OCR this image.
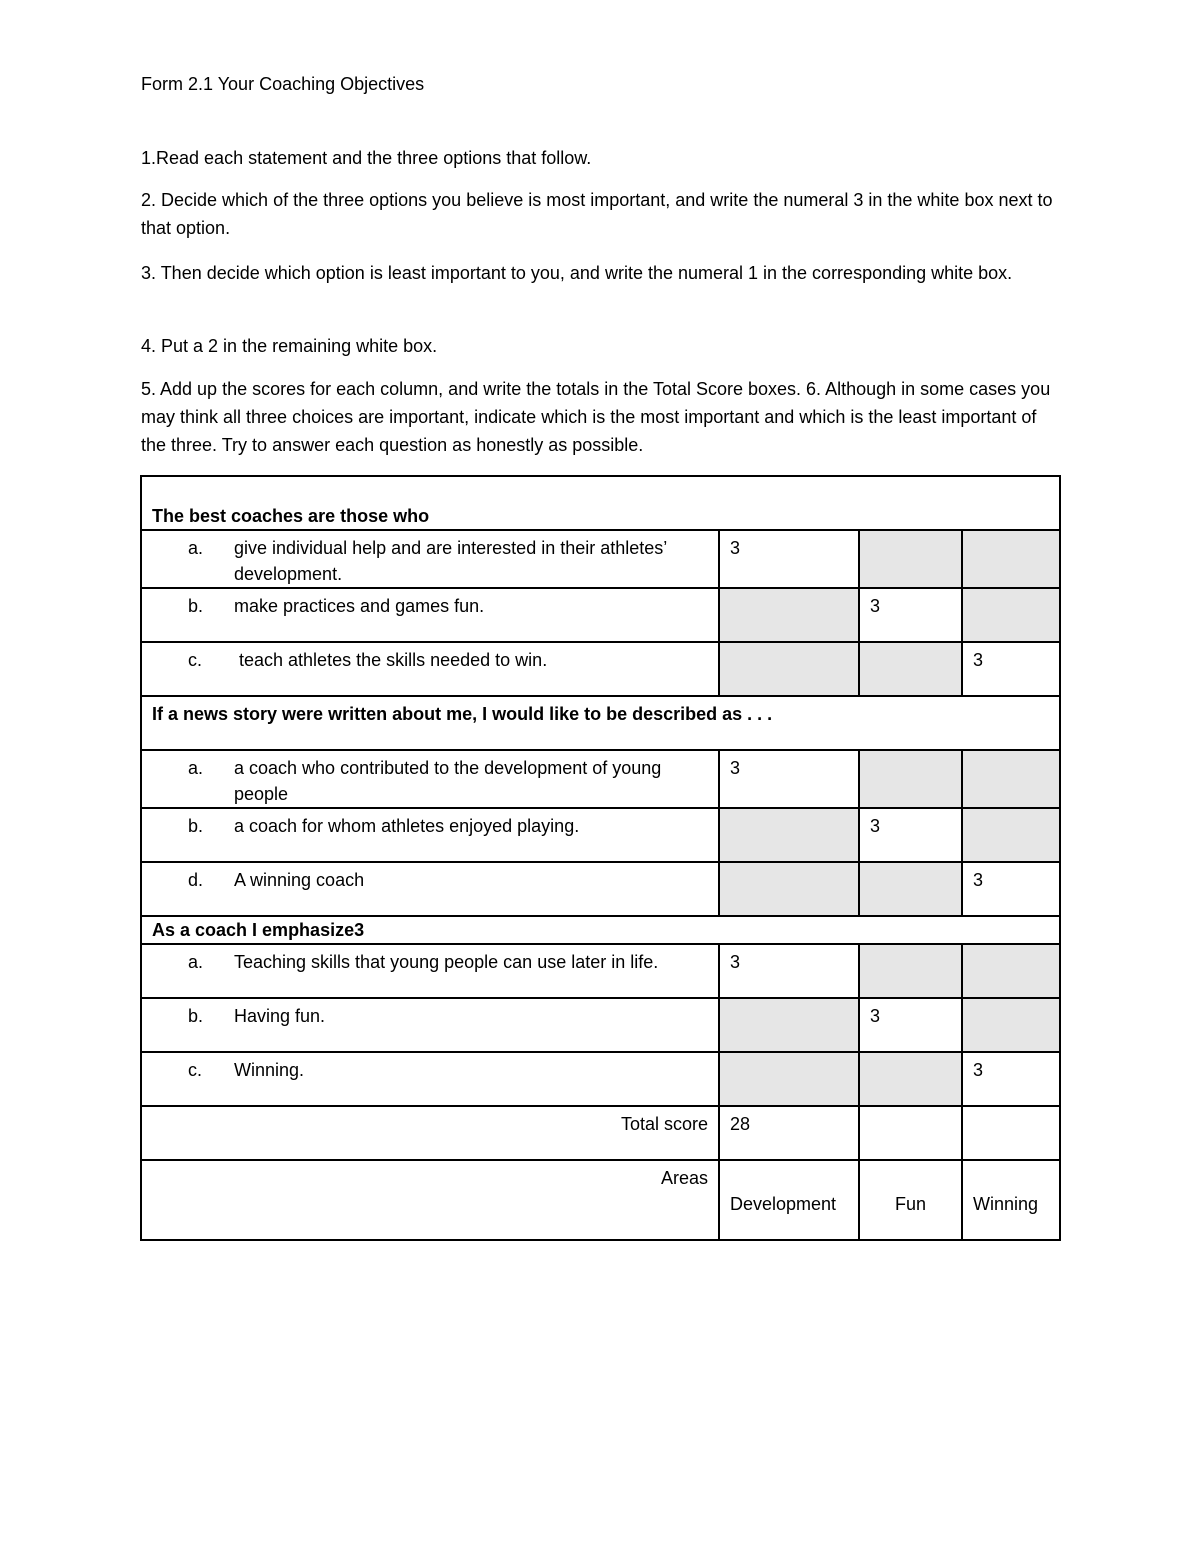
Form 2.1 Your Coaching Objectives
1.Read each statement and the three options that follow.
2. Decide which of the three options you believe is most important, and write the numeral 3 in the white box next to that option.
3. Then decide which option is least important to you, and write the numeral 1 in the corresponding white box.
4. Put a 2 in the remaining white box.
5. Add up the scores for each column, and write the totals in the Total Score boxes. 6. Although in some cases you may think all three choices are important, indicate which is the most important and which is the least important of the three. Try to answer each question as honestly as possible.
The best coaches are those who			

a. give individual help and are interested in their athletes’ development.	3		

b. make practices and games fun.		3	

c. teach athletes the skills needed to win.			3
If a news story were written about me, I would like to be described as . . .			

a. a coach who contributed to the development of young people	3		

b. a coach for whom athletes enjoyed playing.		3	

d. A winning coach			3
As a coach I emphasize3			

a. Teaching skills that young people can use later in life.	3		

b. Having fun.		3	

c. Winning.			3
Total score	28		
Areas	Development	Fun	Winning
